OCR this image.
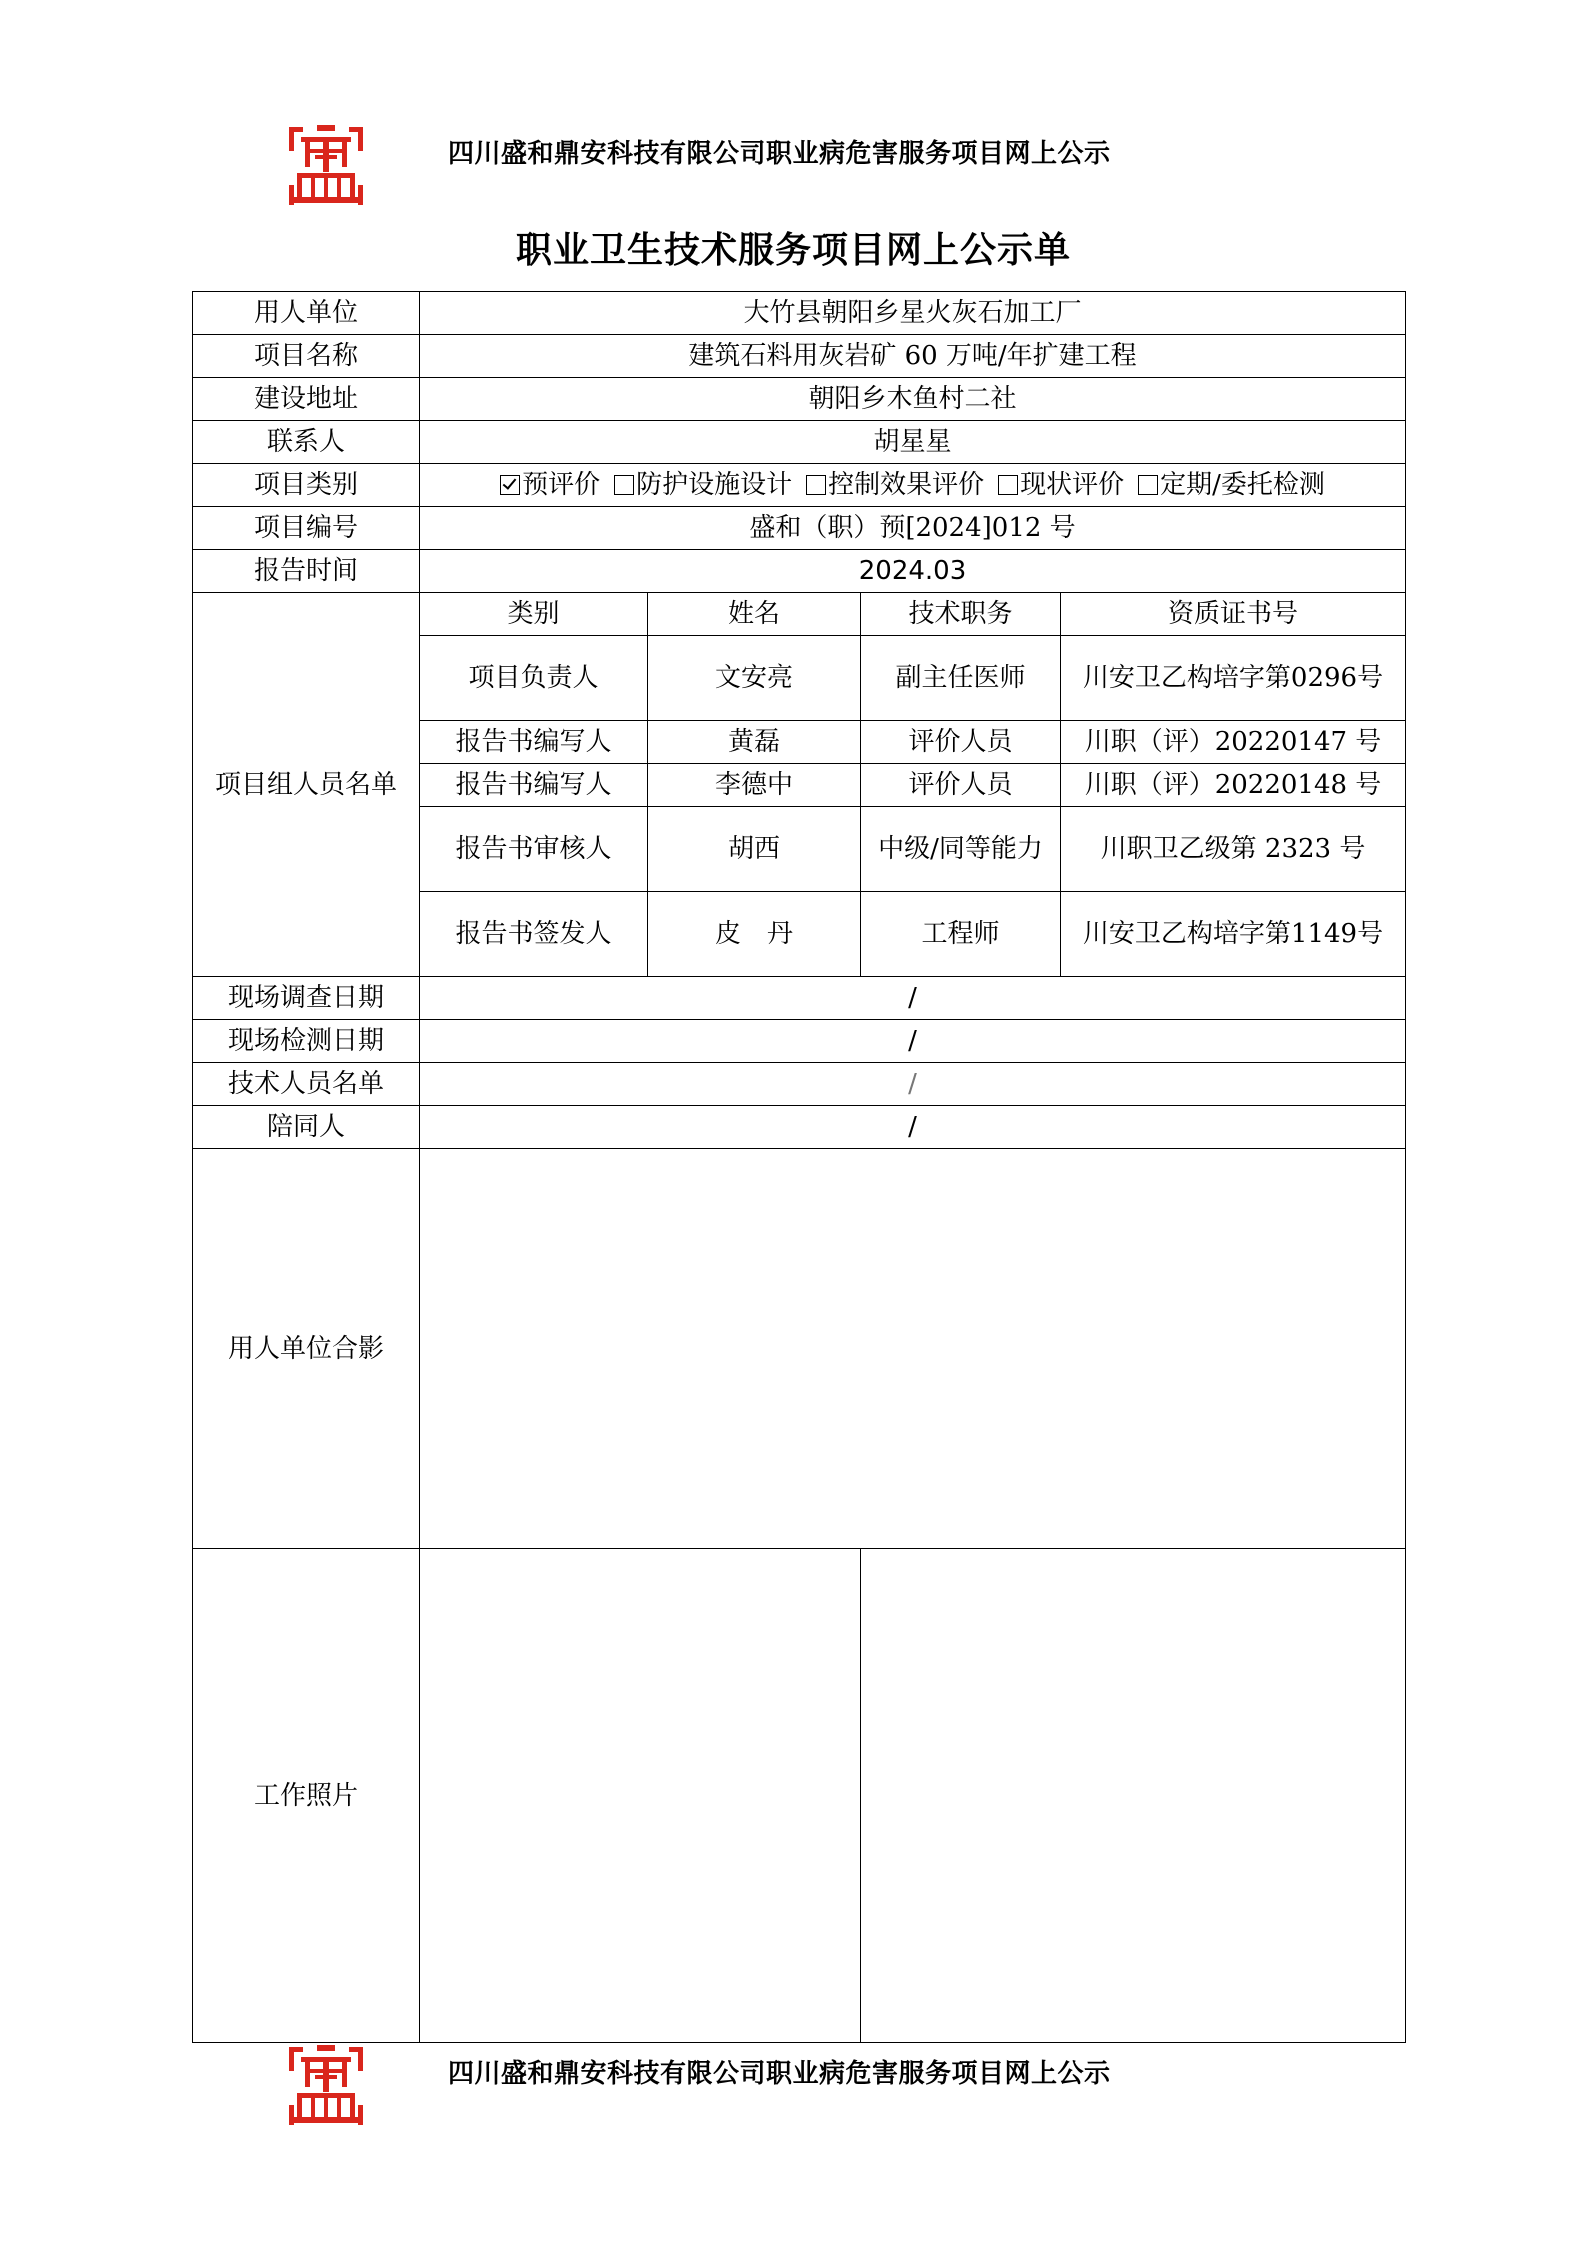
四川盛和鼎安科技有限公司职业病危害服务项目网上公示
职业卫生技术服务项目网上公示单
用人单位	大竹县朝阳乡星火灰石加工厂			
项目名称	建筑石料用灰岩矿 60 万吨/年扩建工程			
建设地址	朝阳乡木鱼村二社			
联系人	胡星星			
项目类别	预评价 防护设施设计 控制效果评价 现状评价 定期/委托检测			
项目编号	盛和（职）预[2024]012 号			
报告时间	2024.03			
项目组人员名单	类别	姓名	技术职务	资质证书号
	项目负责人	文安亮	副主任医师	川安卫乙构培字第0296号
	报告书编写人	黄磊	评价人员	川职（评）20220147 号
	报告书编写人	李德中	评价人员	川职（评）20220148 号
	报告书审核人	胡西	中级/同等能力	川职卫乙级第 2323 号
	报告书签发人	皮　丹	工程师	川安卫乙构培字第1149号
现场调查日期	/			
现场检测日期	/			
技术人员名单	/			
陪同人	/			
用人单位合影				
工作照片				
四川盛和鼎安科技有限公司职业病危害服务项目网上公示
